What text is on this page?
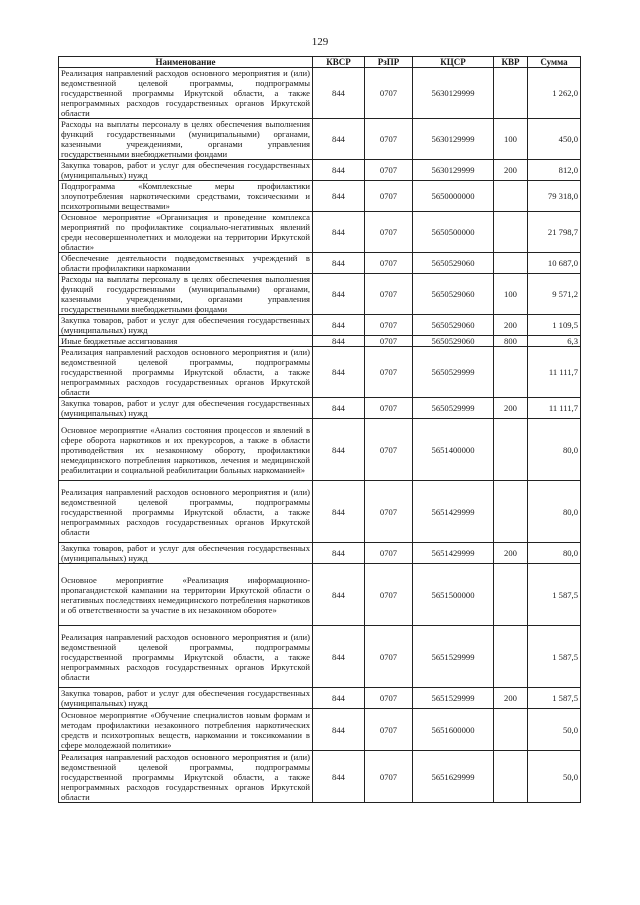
129
Наименование	КВСР	РзПР	КЦСР	КВР	Сумма
Реализация направлений расходов основного мероприятия и (или) ведомственной целевой программы, подпрограммы государственной программы Иркутской области, а также непрограммных расходов государственных органов Иркутской области	844	0707	5630129999		1 262,0
Расходы на выплаты персоналу в целях обеспечения выполнения функций государственными (муниципальными) органами, казенными учреждениями, органами управления государственными внебюджетными фондами	844	0707	5630129999	100	450,0
Закупка товаров, работ и услуг для обеспечения государственных (муниципальных) нужд	844	0707	5630129999	200	812,0
Подпрограмма «Комплексные меры профилактики злоупотребления наркотическими средствами, токсическими и психотропными веществами»	844	0707	5650000000		79 318,0
Основное мероприятие «Организация и проведение комплекса мероприятий по профилактике социально-негативных явлений среди несовершеннолетних и молодежи на территории Иркутской области»	844	0707	5650500000		21 798,7
Обеспечение деятельности подведомственных учреждений в области профилактики наркомании	844	0707	5650529060		10 687,0
Расходы на выплаты персоналу в целях обеспечения выполнения функций государственными (муниципальными) органами, казенными учреждениями, органами управления государственными внебюджетными фондами	844	0707	5650529060	100	9 571,2
Закупка товаров, работ и услуг для обеспечения государственных (муниципальных) нужд	844	0707	5650529060	200	1 109,5
Иные бюджетные ассигнования	844	0707	5650529060	800	6,3
Реализация направлений расходов основного мероприятия и (или) ведомственной целевой программы, подпрограммы государственной программы Иркутской области, а также непрограммных расходов государственных органов Иркутской области	844	0707	5650529999		11 111,7
Закупка товаров, работ и услуг для обеспечения государственных (муниципальных) нужд	844	0707	5650529999	200	11 111,7
Основное мероприятие «Анализ состояния процессов и явлений в сфере оборота наркотиков и их прекурсоров, а также в области противодействия их незаконному обороту, профилактики немедицинского потребления наркотиков, лечения и медицинской реабилитации и социальной реабилитации больных наркоманией»	844	0707	5651400000		80,0
Реализация направлений расходов основного мероприятия и (или) ведомственной целевой программы, подпрограммы государственной программы Иркутской области, а также непрограммных расходов государственных органов Иркутской области	844	0707	5651429999		80,0
Закупка товаров, работ и услуг для обеспечения государственных (муниципальных) нужд	844	0707	5651429999	200	80,0
Основное мероприятие «Реализация информационно-пропагандистской кампании на территории Иркутской области о негативных последствиях немедицинского потребления наркотиков и об ответственности за участие в их незаконном обороте»	844	0707	5651500000		1 587,5
Реализация направлений расходов основного мероприятия и (или) ведомственной целевой программы, подпрограммы государственной программы Иркутской области, а также непрограммных расходов государственных органов Иркутской области	844	0707	5651529999		1 587,5
Закупка товаров, работ и услуг для обеспечения государственных (муниципальных) нужд	844	0707	5651529999	200	1 587,5
Основное мероприятие «Обучение специалистов новым формам и методам профилактики незаконного потребления наркотических средств и психотропных веществ, наркомании и токсикомании в сфере молодежной политики»	844	0707	5651600000		50,0
Реализация направлений расходов основного мероприятия и (или) ведомственной целевой программы, подпрограммы государственной программы Иркутской области, а также непрограммных расходов государственных органов Иркутской области	844	0707	5651629999		50,0
